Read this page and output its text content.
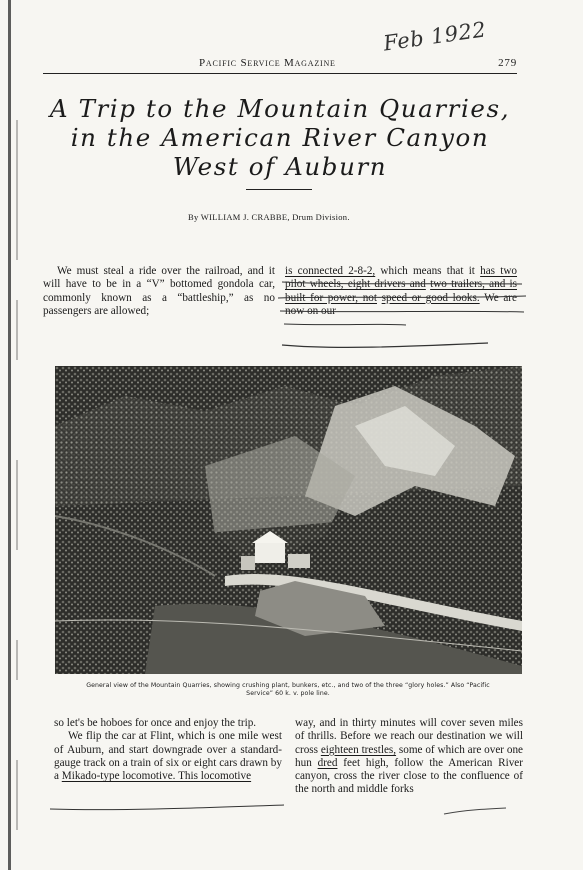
Feb 1922
Pacific Service Magazine	279
A Trip to the Mountain Quarries,
in the American River Canyon
West of Auburn
By WILLIAM J. CRABBE, Drum Division.

We must steal a ride over the railroad, and it will have to be in a “V” bottomed gondola car, commonly known as a “battleship,” as no passengers are allowed;

is connected 2-8-2, which means that it has two pilot wheels, eight drivers and two trailers, and is built for power, not speed or good looks. We are now on our

General view of the Mountain Quarries, showing crushing plant, bunkers, etc., and two of the three “glory holes.” Also “Pacific Service” 60 k. v. pole line.

so let's be hoboes for once and enjoy the trip.

We flip the car at Flint, which is one mile west of Auburn, and start downgrade over a standard-gauge track on a train of six or eight cars drawn by a Mikado-type locomotive. This locomotive

way, and in thirty minutes will cover seven miles of thrills. Before we reach our destination we will cross eighteen trestles, some of which are over one hun dred feet high, follow the American River canyon, cross the river close to the confluence of the north and middle forks
